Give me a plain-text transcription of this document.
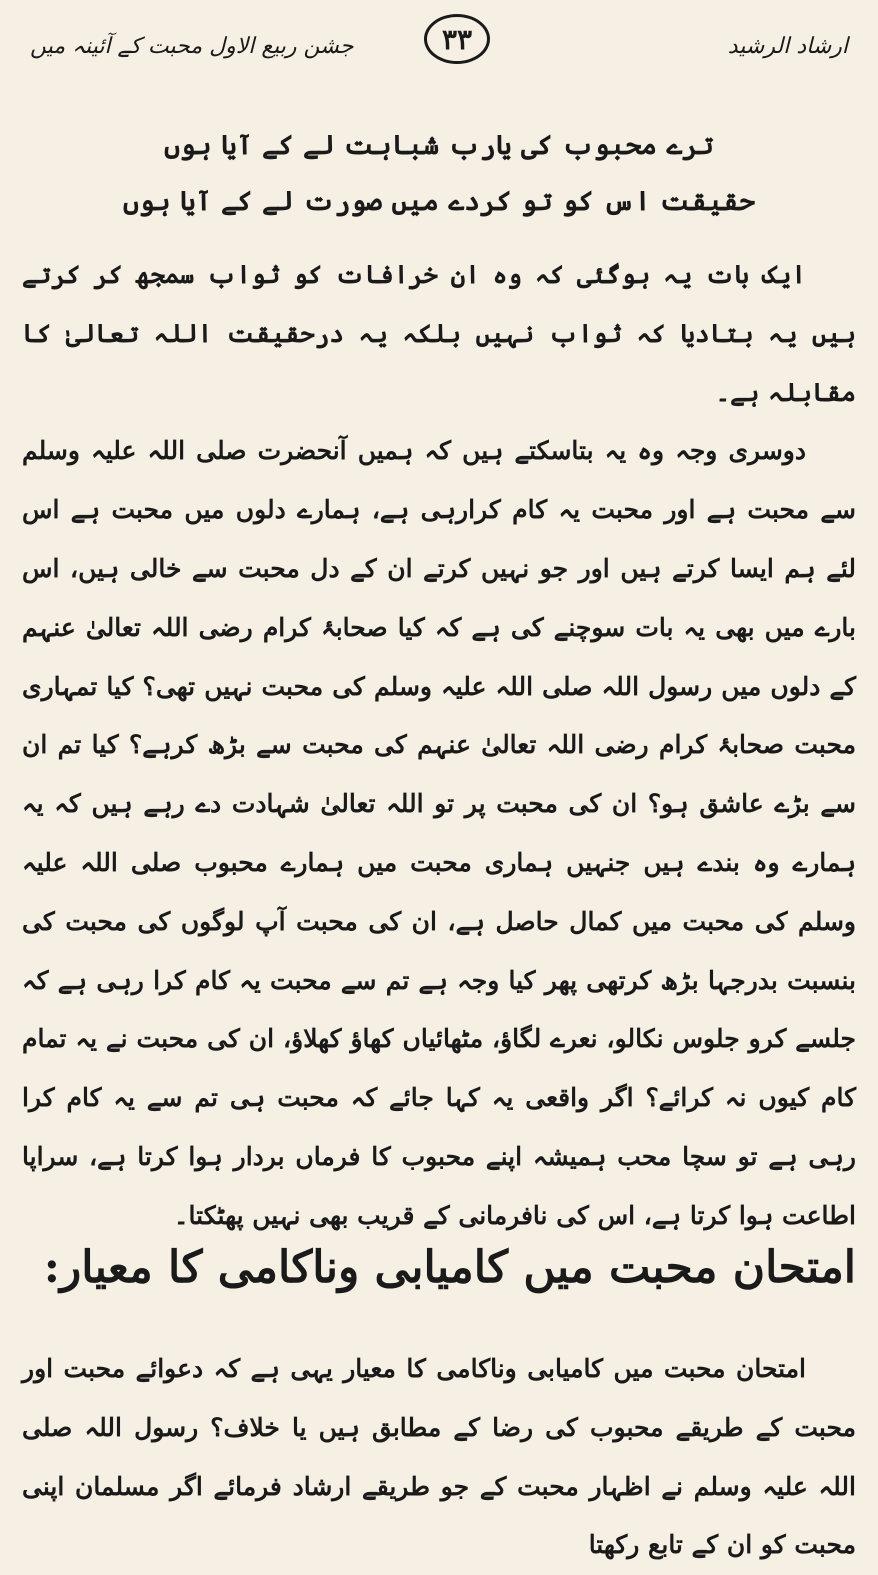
ارشاد الرشید
۳۳
جشن ربیع الاول محبت کے آئینہ میں
ترے محبوب کی یارب شباہت لے کے آیا ہوں
حقیقت اس کو تو کردے میں صورت لے کے آیا ہوں

ایک بات یہ ہوگئی کہ وہ ان خرافات کو ثواب سمجھ کر کرتے ہیں یہ بتادیا کہ ثواب نہیں بلکہ یہ درحقیقت اللہ تعالیٰ کا مقابلہ ہے۔

دوسری وجہ وہ یہ بتاسکتے ہیں کہ ہمیں آنحضرت صلی اللہ علیہ وسلم سے محبت ہے اور محبت یہ کام کرارہی ہے، ہمارے دلوں میں محبت ہے اس لئے ہم ایسا کرتے ہیں اور جو نہیں کرتے ان کے دل محبت سے خالی ہیں، اس بارے میں بھی یہ بات سوچنے کی ہے کہ کیا صحابۂ کرام رضی اللہ تعالیٰ عنہم کے دلوں میں رسول اللہ صلی اللہ علیہ وسلم کی محبت نہیں تھی؟ کیا تمہاری محبت صحابۂ کرام رضی اللہ تعالیٰ عنہم کی محبت سے بڑھ کرہے؟ کیا تم ان سے بڑے عاشق ہو؟ ان کی محبت پر تو اللہ تعالیٰ شہادت دے رہے ہیں کہ یہ ہمارے وہ بندے ہیں جنہیں ہماری محبت میں ہمارے محبوب صلی اللہ علیہ وسلم کی محبت میں کمال حاصل ہے، ان کی محبت آپ لوگوں کی محبت کی بنسبت بدرجہا بڑھ کرتھی پھر کیا وجہ ہے تم سے محبت یہ کام کرا رہی ہے کہ جلسے کرو جلوس نکالو، نعرے لگاؤ، مٹھائیاں کھاؤ کھلاؤ، ان کی محبت نے یہ تمام کام کیوں نہ کرائے؟ اگر واقعی یہ کہا جائے کہ محبت ہی تم سے یہ کام کرا رہی ہے تو سچا محب ہمیشہ اپنے محبوب کا فرماں بردار ہوا کرتا ہے، سراپا اطاعت ہوا کرتا ہے، اس کی نافرمانی کے قریب بھی نہیں پھٹکتا۔

امتحان محبت میں کامیابی وناکامی کا معیار:

امتحان محبت میں کامیابی وناکامی کا معیار یہی ہے کہ دعوائے محبت اور محبت کے طریقے محبوب کی رضا کے مطابق ہیں یا خلاف؟ رسول اللہ صلی اللہ علیہ وسلم نے اظہار محبت کے جو طریقے ارشاد فرمائے اگر مسلمان اپنی محبت کو ان کے تابع رکھتا
